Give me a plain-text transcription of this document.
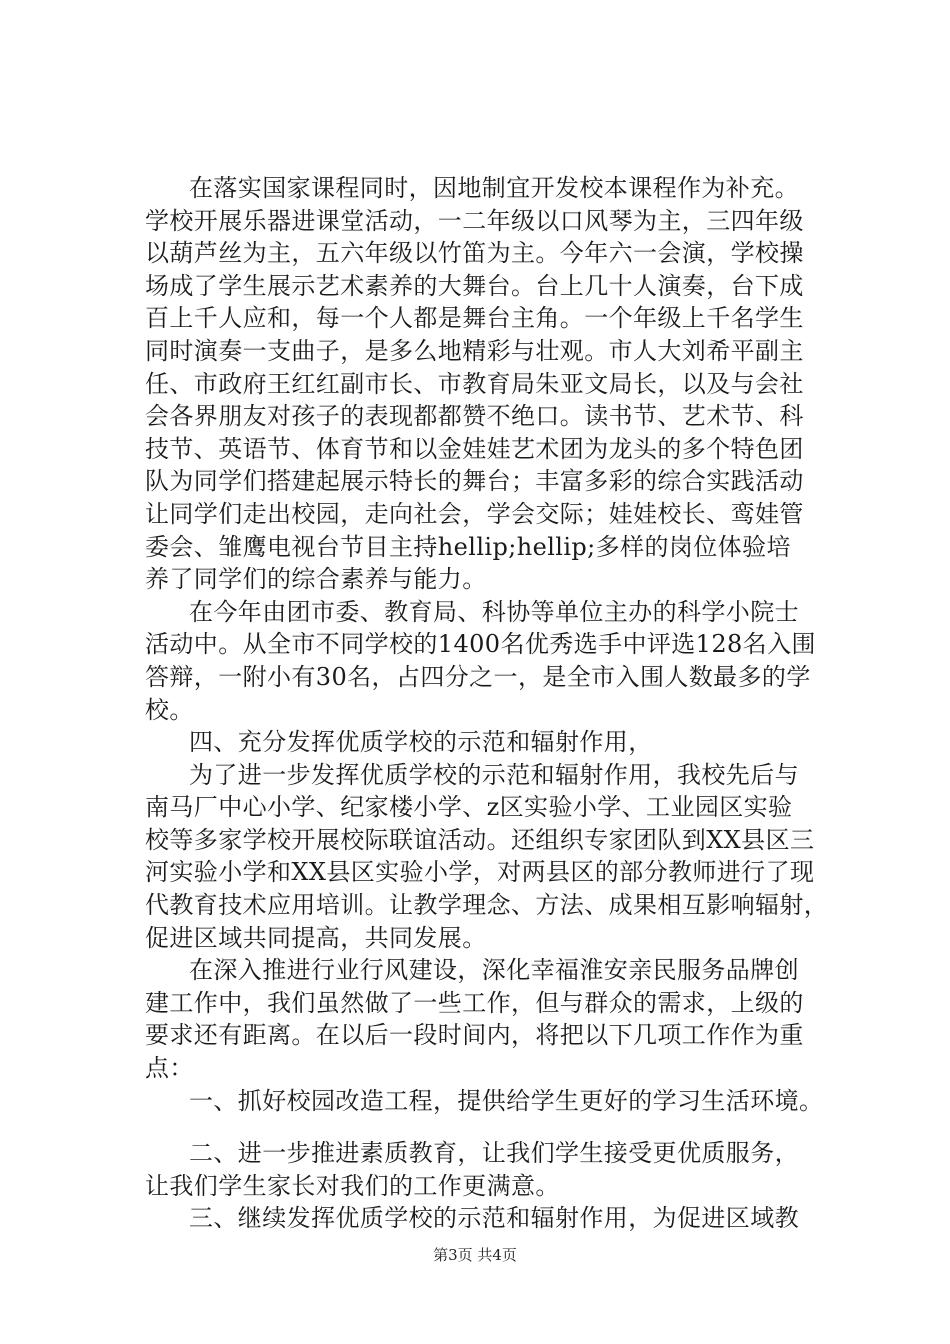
在落实国家课程同时，因地制宜开发校本课程作为补充。
学校开展乐器进课堂活动，一二年级以口风琴为主，三四年级
以葫芦丝为主，五六年级以竹笛为主。今年六一会演，学校操
场成了学生展示艺术素养的大舞台。台上几十人演奏，台下成
百上千人应和，每一个人都是舞台主角。一个年级上千名学生
同时演奏一支曲子，是多么地精彩与壮观。市人大刘希平副主
任、市政府王红红副市长、市教育局朱亚文局长，以及与会社
会各界朋友对孩子的表现都都赞不绝口。读书节、艺术节、科
技节、英语节、体育节和以金娃娃艺术团为龙头的多个特色团
队为同学们搭建起展示特长的舞台；丰富多彩的综合实践活动
让同学们走出校园，走向社会，学会交际；娃娃校长、鸾娃管
委会、雏鹰电视台节目主持hellip;hellip;多样的岗位体验培
养了同学们的综合素养与能力。
在今年由团市委、教育局、科协等单位主办的科学小院士
活动中。从全市不同学校的1400名优秀选手中评选128名入围
答辩，一附小有30名，占四分之一，是全市入围人数最多的学
校。
四、充分发挥优质学校的示范和辐射作用，
为了进一步发挥优质学校的示范和辐射作用，我校先后与
南马厂中心小学、纪家楼小学、z区实验小学、工业园区实验
校等多家学校开展校际联谊活动。还组织专家团队到XX县区三
河实验小学和XX县区实验小学，对两县区的部分教师进行了现
代教育技术应用培训。让教学理念、方法、成果相互影响辐射，
促进区域共同提高，共同发展。
在深入推进行业行风建设，深化幸福淮安亲民服务品牌创
建工作中，我们虽然做了一些工作，但与群众的需求，上级的
要求还有距离。在以后一段时间内，将把以下几项工作作为重
点：
一、抓好校园改造工程，提供给学生更好的学习生活环境。
二、进一步推进素质教育，让我们学生接受更优质服务，
让我们学生家长对我们的工作更满意。
三、继续发挥优质学校的示范和辐射作用，为促进区域教
第3页 共4页
